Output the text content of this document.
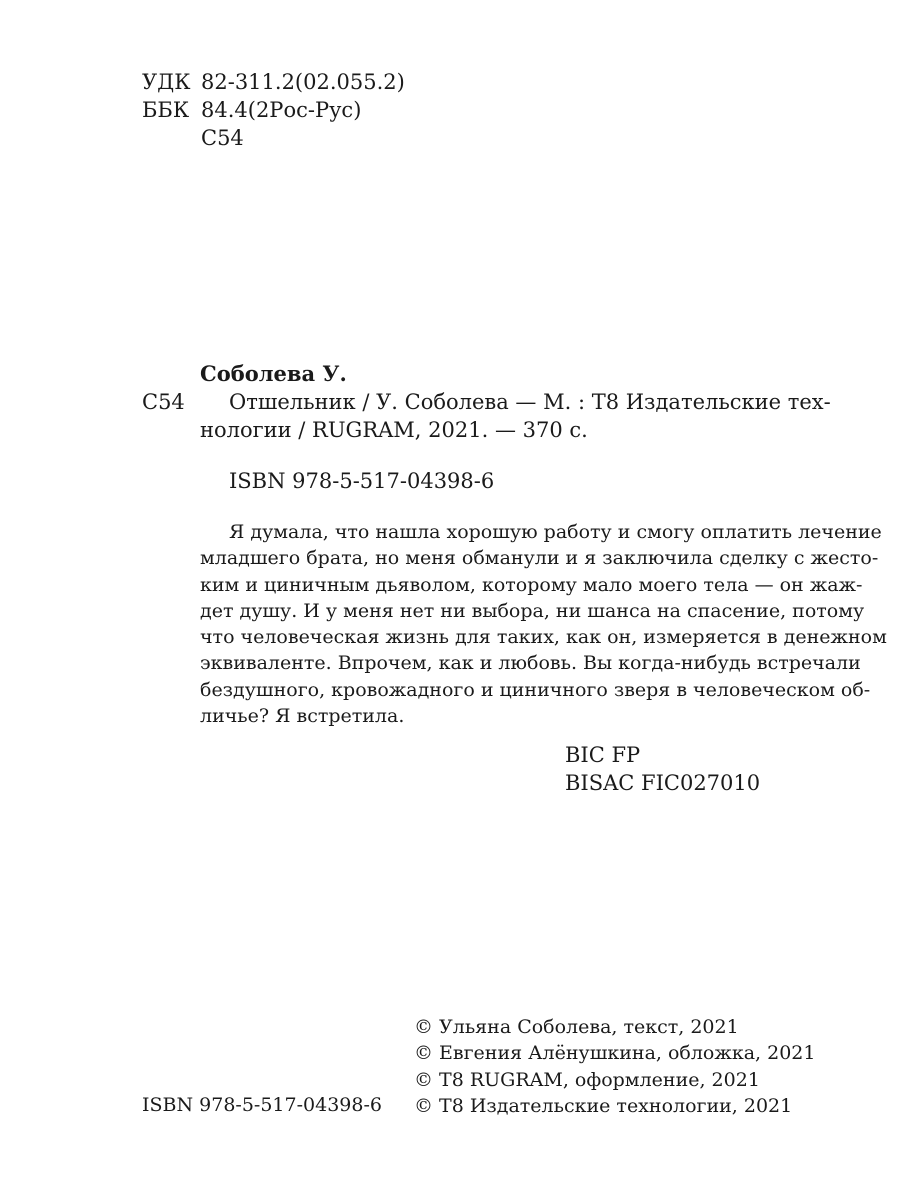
УДК 82-311.2(02.055.2)
ББК 84.4(2Рос-Рус)
С54
Соболева У.
С54 Отшельник / У. Соболева — М. : Т8 Издательские тех-
нологии / RUGRAM, 2021. — 370 с.
ISBN 978-5-517-04398-6
Я думала, что нашла хорошую работу и смогу оплатить лечение
младшего брата, но меня обманули и я заключила сделку с жесто-
ким и циничным дьяволом, которому мало моего тела — он жаж-
дет душу. И у меня нет ни выбора, ни шанса на спасение, потому
что человеческая жизнь для таких, как он, измеряется в денежном
эквиваленте. Впрочем, как и любовь. Вы когда-нибудь встречали
бездушного, кровожадного и циничного зверя в человеческом об-
личье? Я встретила.
BIC FP
BISAC FIC027010
© Ульяна Соболева, текст, 2021
© Евгения Алёнушкина, обложка, 2021
© Т8 RUGRAM, оформление, 2021
© Т8 Издательские технологии, 2021
ISBN 978-5-517-04398-6
